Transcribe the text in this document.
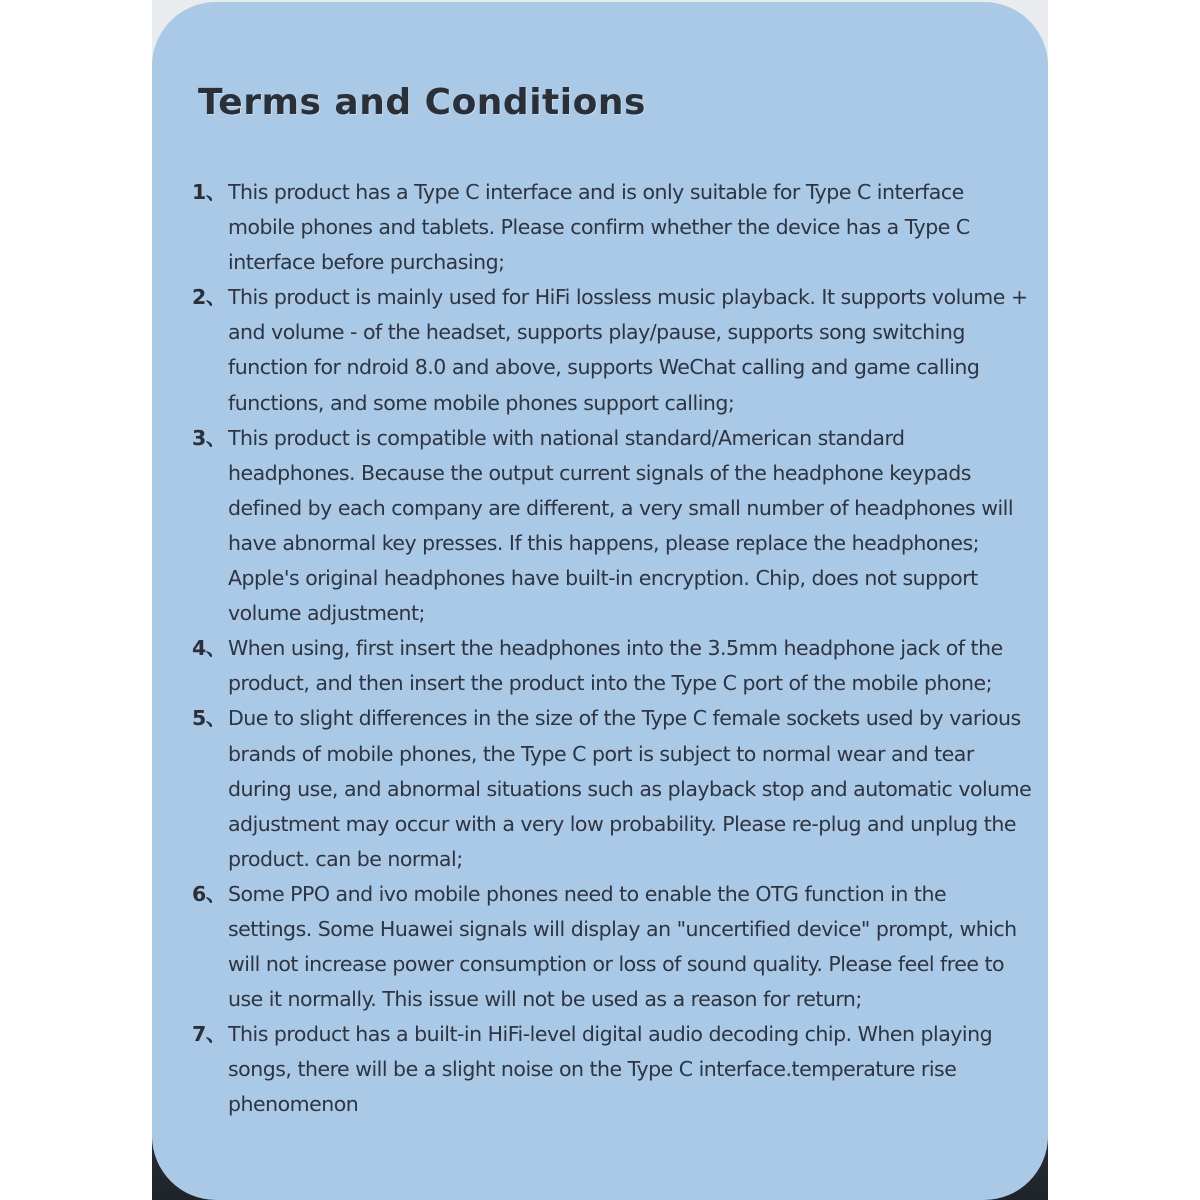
Terms and Conditions
1、 This product has a Type C interface and is only suitable for Type C interface mobile phones and tablets. Please confirm whether the device has a Type C interface before purchasing;
2、 This product is mainly used for HiFi lossless music playback. It supports volume + and volume - of the headset, supports play/pause, supports song switching function for ndroid 8.0 and above, supports WeChat calling and game calling functions, and some mobile phones support calling;
3、 This product is compatible with national standard/American standard headphones. Because the output current signals of the headphone keypads defined by each company are different, a very small number of headphones will have abnormal key presses. If this happens, please replace the headphones; Apple's original headphones have built-in encryption. Chip, does not support volume adjustment;
4、 When using, first insert the headphones into the 3.5mm headphone jack of the product, and then insert the product into the Type C port of the mobile phone;
5、 Due to slight differences in the size of the Type C female sockets used by various brands of mobile phones, the Type C port is subject to normal wear and tear during use, and abnormal situations such as playback stop and automatic volume adjustment may occur with a very low probability. Please re-plug and unplug the product. can be normal;
6、 Some PPO and ivo mobile phones need to enable the OTG function in the settings. Some Huawei signals will display an "uncertified device" prompt, which will not increase power consumption or loss of sound quality. Please feel free to use it normally. This issue will not be used as a reason for return;
7、 This product has a built-in HiFi-level digital audio decoding chip. When playing songs, there will be a slight noise on the Type C interface.temperature rise phenomenon
